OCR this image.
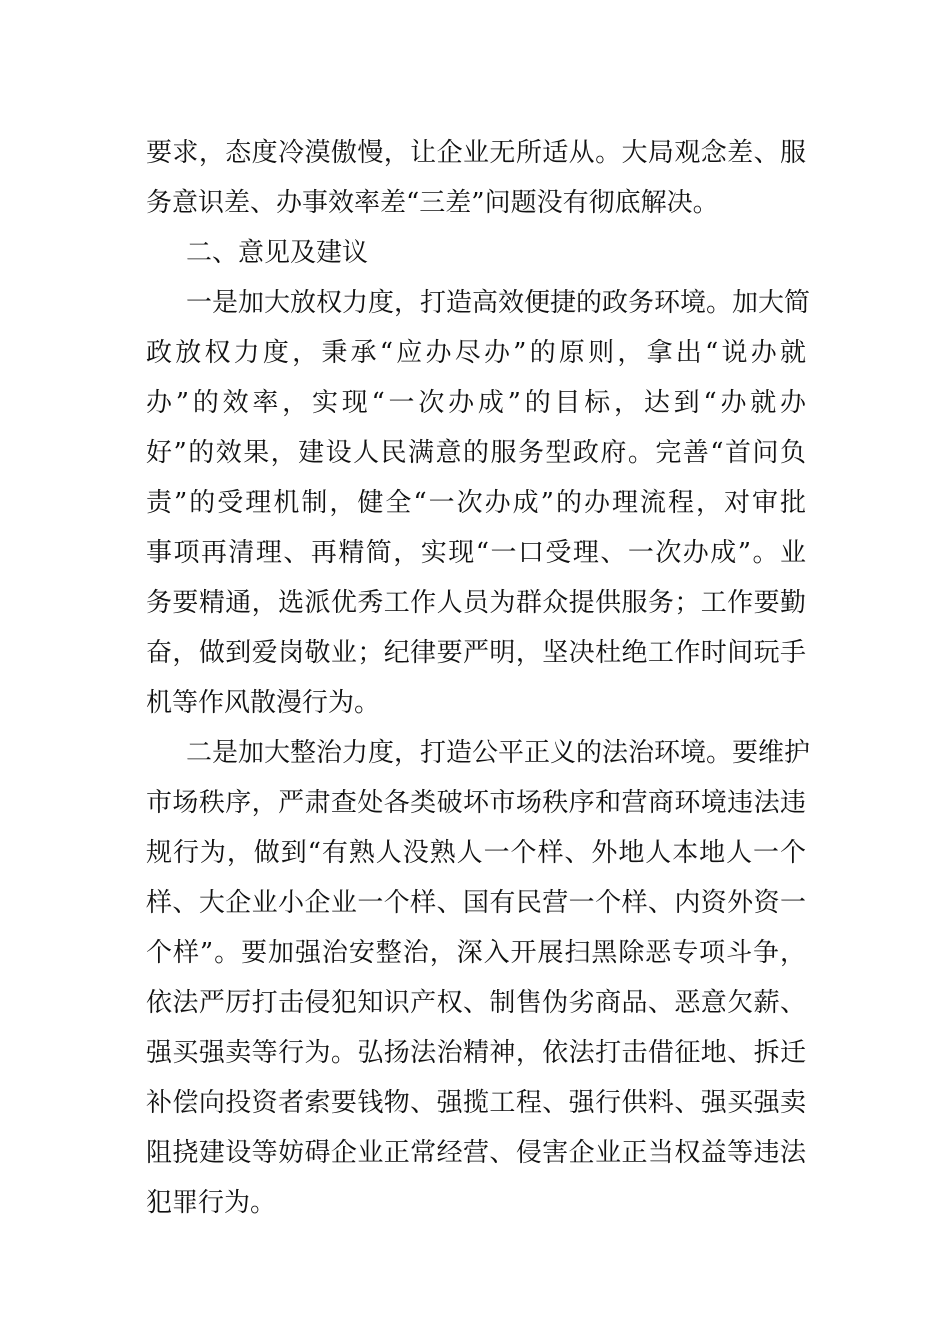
要求，态度冷漠傲慢，让企业无所适从。大局观念差、服
务意识差、办事效率差“三差”问题没有彻底解决。
二、意见及建议
一是加大放权力度，打造高效便捷的政务环境。加大简
政放权力度，秉承“应办尽办”的原则，拿出“说办就
办”的效率，实现“一次办成”的目标，达到“办就办
好”的效果，建设人民满意的服务型政府。完善“首问负
责”的受理机制，健全“一次办成”的办理流程，对审批
事项再清理、再精简，实现“一口受理、一次办成”。业
务要精通，选派优秀工作人员为群众提供服务；工作要勤
奋，做到爱岗敬业；纪律要严明，坚决杜绝工作时间玩手
机等作风散漫行为。
二是加大整治力度，打造公平正义的法治环境。要维护
市场秩序，严肃查处各类破坏市场秩序和营商环境违法违
规行为，做到“有熟人没熟人一个样、外地人本地人一个
样、大企业小企业一个样、国有民营一个样、内资外资一
个样”。要加强治安整治，深入开展扫黑除恶专项斗争，
依法严厉打击侵犯知识产权、制售伪劣商品、恶意欠薪、
强买强卖等行为。弘扬法治精神，依法打击借征地、拆迁
补偿向投资者索要钱物、强揽工程、强行供料、强买强卖
阻挠建设等妨碍企业正常经营、侵害企业正当权益等违法
犯罪行为。
